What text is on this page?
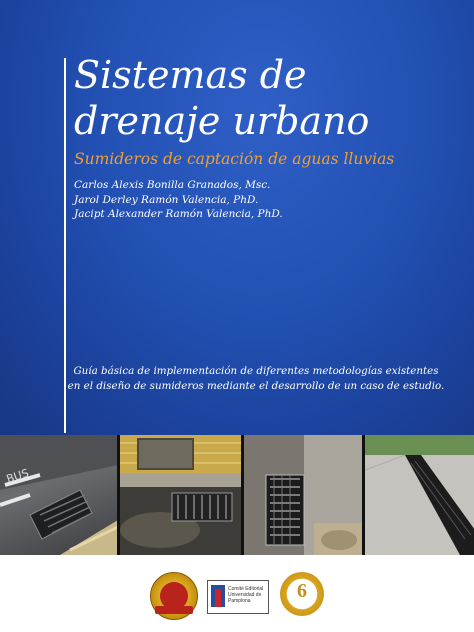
Sistemas de
drenaje urbano
Sumideros de captación de aguas lluvias
Carlos Alexis Bonilla Granados, Msc.
Jarol Derley Ramón Valencia, PhD.
Jacipt Alexander Ramón Valencia, PhD.
Guía básica de implementación de diferentes metodologías existentes en el diseño de sumideros mediante el desarrollo de un caso de estudio.
BUS
Comité Editorial
Universidad de
Pamplona	6
